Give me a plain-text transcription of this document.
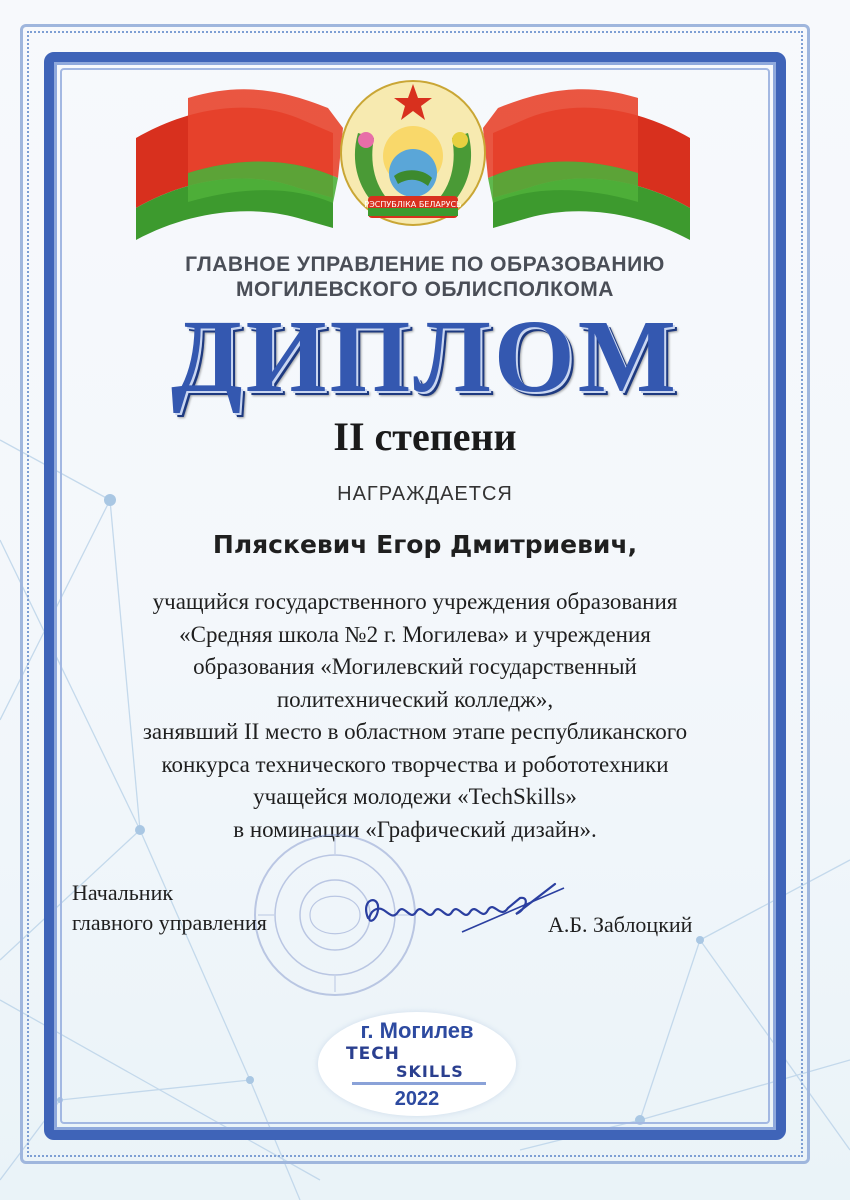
РЭСПУБЛІКА БЕЛАРУСЬ
ГЛАВНОЕ УПРАВЛЕНИЕ ПО ОБРАЗОВАНИЮ
МОГИЛЕВСКОГО ОБЛИСПОЛКОМА
ДИПЛОМ
II степени
НАГРАЖДАЕТСЯ
Пляскевич Егор Дмитриевич,
учащийся государственного учреждения образования
«Средняя школа №2 г. Могилева» и учреждения
образования «Могилевский государственный
политехнический колледж»,
занявший II место в областном этапе республиканского
конкурса технического творчества и робототехники
учащейся молодежи «TechSkills»
в номинации «Графический дизайн».
Начальник
главного управления	А.Б. Заблоцкий
г. Могилев
TECH
SKILLS
2022
